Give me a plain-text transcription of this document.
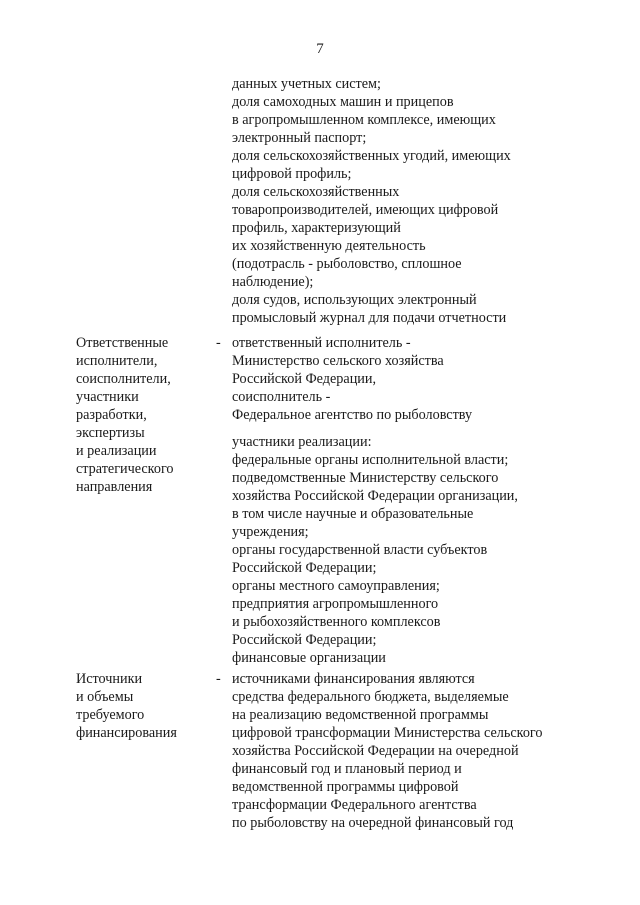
7
данных учетных систем;
доля самоходных машин и прицепов
в агропромышленном комплексе, имеющих
электронный паспорт;
доля сельскохозяйственных угодий, имеющих
цифровой профиль;
доля сельскохозяйственных
товаропроизводителей, имеющих цифровой
профиль, характеризующий
их хозяйственную деятельность
(подотрасль - рыболовство, сплошное
наблюдение);
доля судов, использующих электронный
промысловый журнал для подачи отчетности
Ответственные
исполнители,
соисполнители,
участники
разработки,
экспертизы
и реализации
стратегического
направления
- ответственный исполнитель -
Министерство сельского хозяйства
Российской Федерации,
соисполнитель -
Федеральное агентство по рыболовству
участники реализации:
федеральные органы исполнительной власти;
подведомственные Министерству сельского
хозяйства Российской Федерации организации,
в том числе научные и образовательные
учреждения;
органы государственной власти субъектов
Российской Федерации;
органы местного самоуправления;
предприятия агропромышленного
и рыбохозяйственного комплексов
Российской Федерации;
финансовые организации
Источники
и объемы
требуемого
финансирования
- источниками финансирования являются
средства федерального бюджета, выделяемые
на реализацию ведомственной программы
цифровой трансформации Министерства сельского
хозяйства Российской Федерации на очередной
финансовый год и плановый период и
ведомственной программы цифровой
трансформации Федерального агентства
по рыболовству на очередной финансовый год
